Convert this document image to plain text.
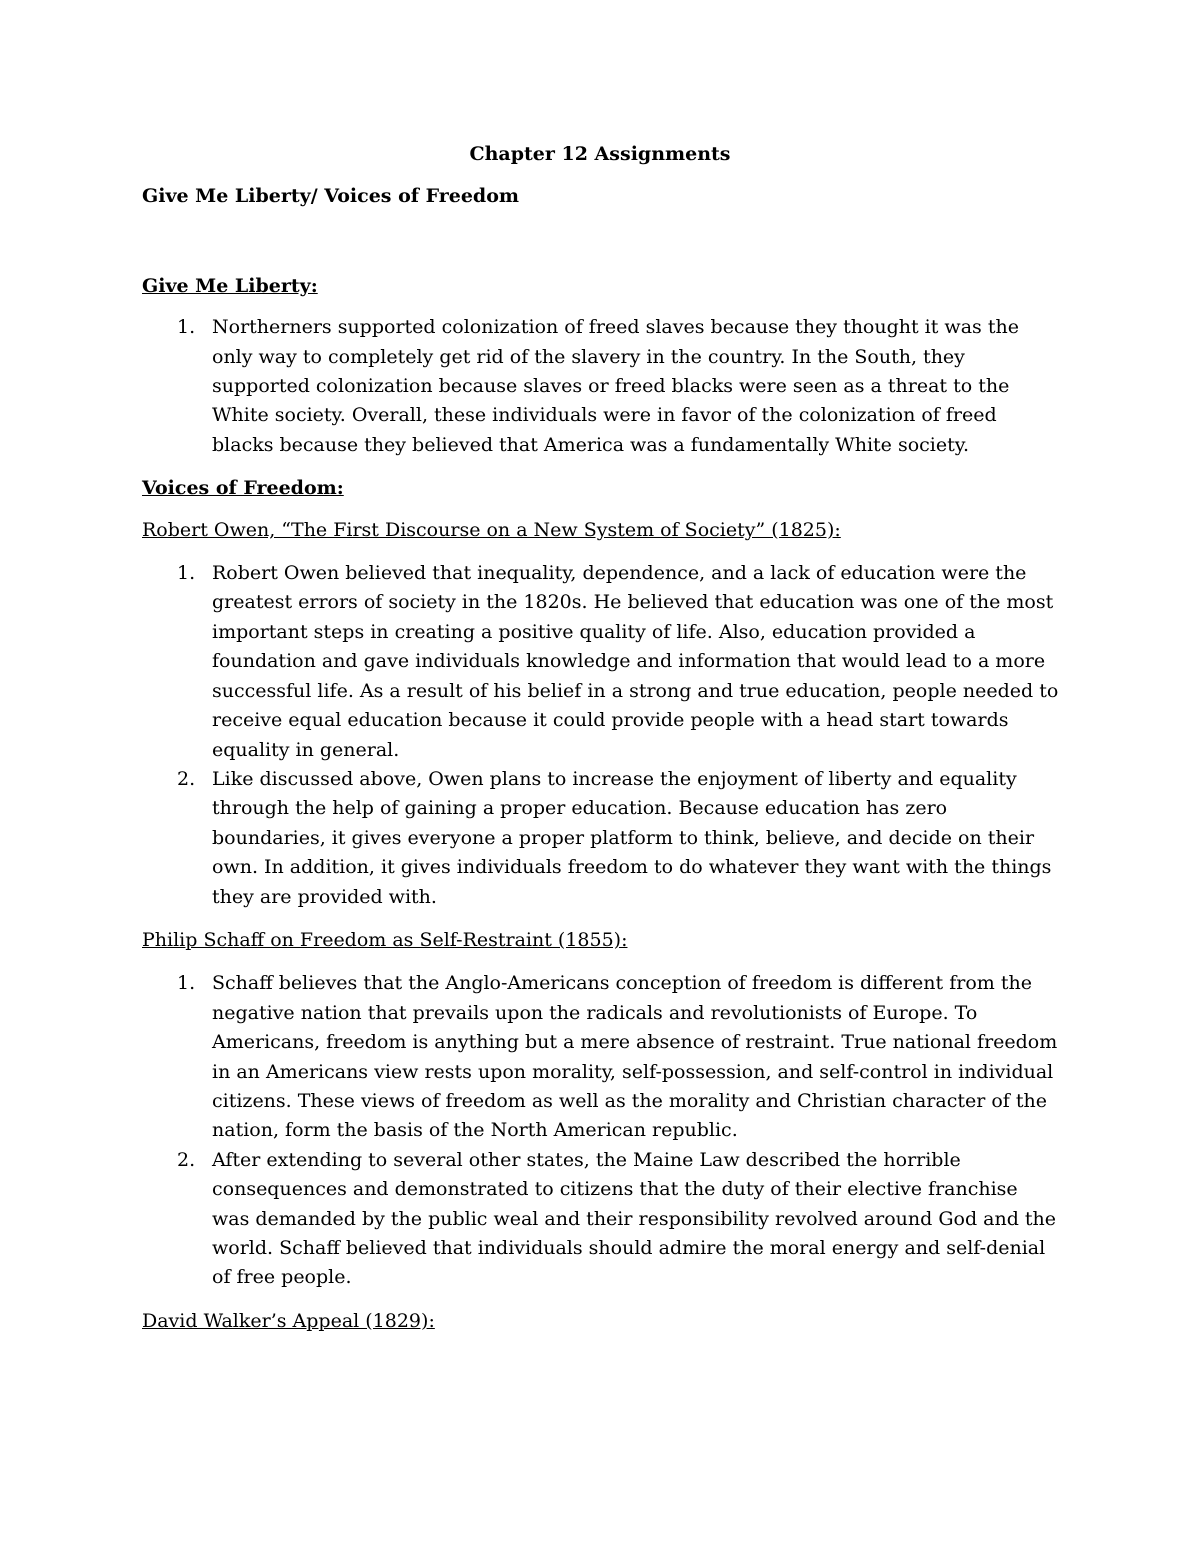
Chapter 12 Assignments
Give Me Liberty/ Voices of Freedom
Give Me Liberty:
1. Northerners supported colonization of freed slaves because they thought it was the only way to completely get rid of the slavery in the country. In the South, they supported colonization because slaves or freed blacks were seen as a threat to the White society. Overall, these individuals were in favor of the colonization of freed blacks because they believed that America was a fundamentally White society.
Voices of Freedom:
Robert Owen, “The First Discourse on a New System of Society” (1825):
1. Robert Owen believed that inequality, dependence, and a lack of education were the greatest errors of society in the 1820s. He believed that education was one of the most important steps in creating a positive quality of life. Also, education provided a foundation and gave individuals knowledge and information that would lead to a more successful life. As a result of his belief in a strong and true education, people needed to receive equal education because it could provide people with a head start towards equality in general.
2. Like discussed above, Owen plans to increase the enjoyment of liberty and equality through the help of gaining a proper education. Because education has zero boundaries, it gives everyone a proper platform to think, believe, and decide on their own. In addition, it gives individuals freedom to do whatever they want with the things they are provided with.
Philip Schaff on Freedom as Self-Restraint (1855):
1. Schaff believes that the Anglo-Americans conception of freedom is different from the negative nation that prevails upon the radicals and revolutionists of Europe. To Americans, freedom is anything but a mere absence of restraint. True national freedom in an Americans view rests upon morality, self-possession, and self-control in individual citizens. These views of freedom as well as the morality and Christian character of the nation, form the basis of the North American republic.
2. After extending to several other states, the Maine Law described the horrible consequences and demonstrated to citizens that the duty of their elective franchise was demanded by the public weal and their responsibility revolved around God and the world. Schaff believed that individuals should admire the moral energy and self-denial of free people.
David Walker’s Appeal (1829):
